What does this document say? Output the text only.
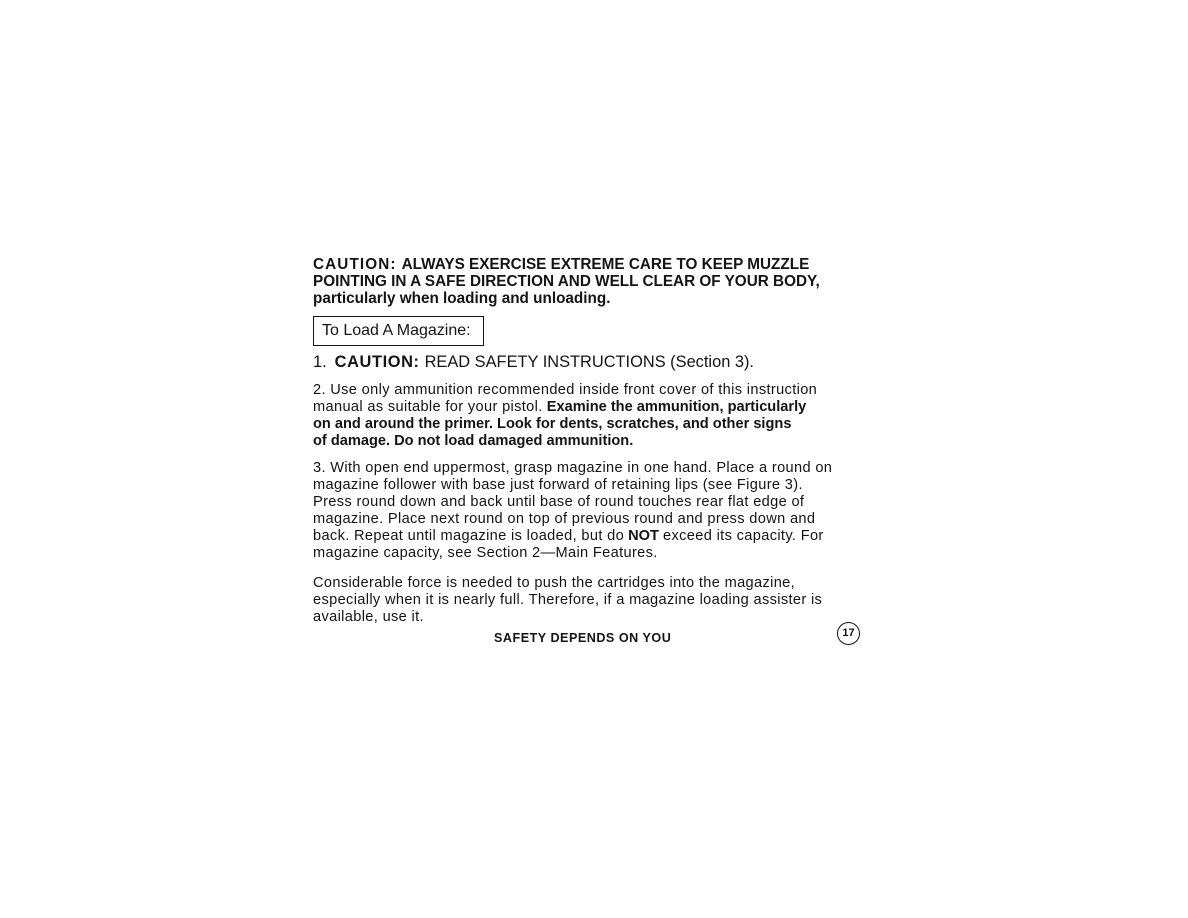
CAUTION: ALWAYS EXERCISE EXTREME CARE TO KEEP MUZZLE
POINTING IN A SAFE DIRECTION AND WELL CLEAR OF YOUR BODY,
particularly when loading and unloading.
To Load A Magazine:
1. CAUTION: READ SAFETY INSTRUCTIONS (Section 3).
2. Use only ammunition recommended inside front cover of this instruction
manual as suitable for your pistol. Examine the ammunition, particularly
on and around the primer. Look for dents, scratches, and other signs
of damage. Do not load damaged ammunition.
3. With open end uppermost, grasp magazine in one hand. Place a round on
magazine follower with base just forward of retaining lips (see Figure 3).
Press round down and back until base of round touches rear flat edge of
magazine. Place next round on top of previous round and press down and
back. Repeat until magazine is loaded, but do NOT exceed its capacity. For
magazine capacity, see Section 2—Main Features.
Considerable force is needed to push the cartridges into the magazine,
especially when it is nearly full. Therefore, if a magazine loading assister is
available, use it.
SAFETY DEPENDS ON YOU	17
